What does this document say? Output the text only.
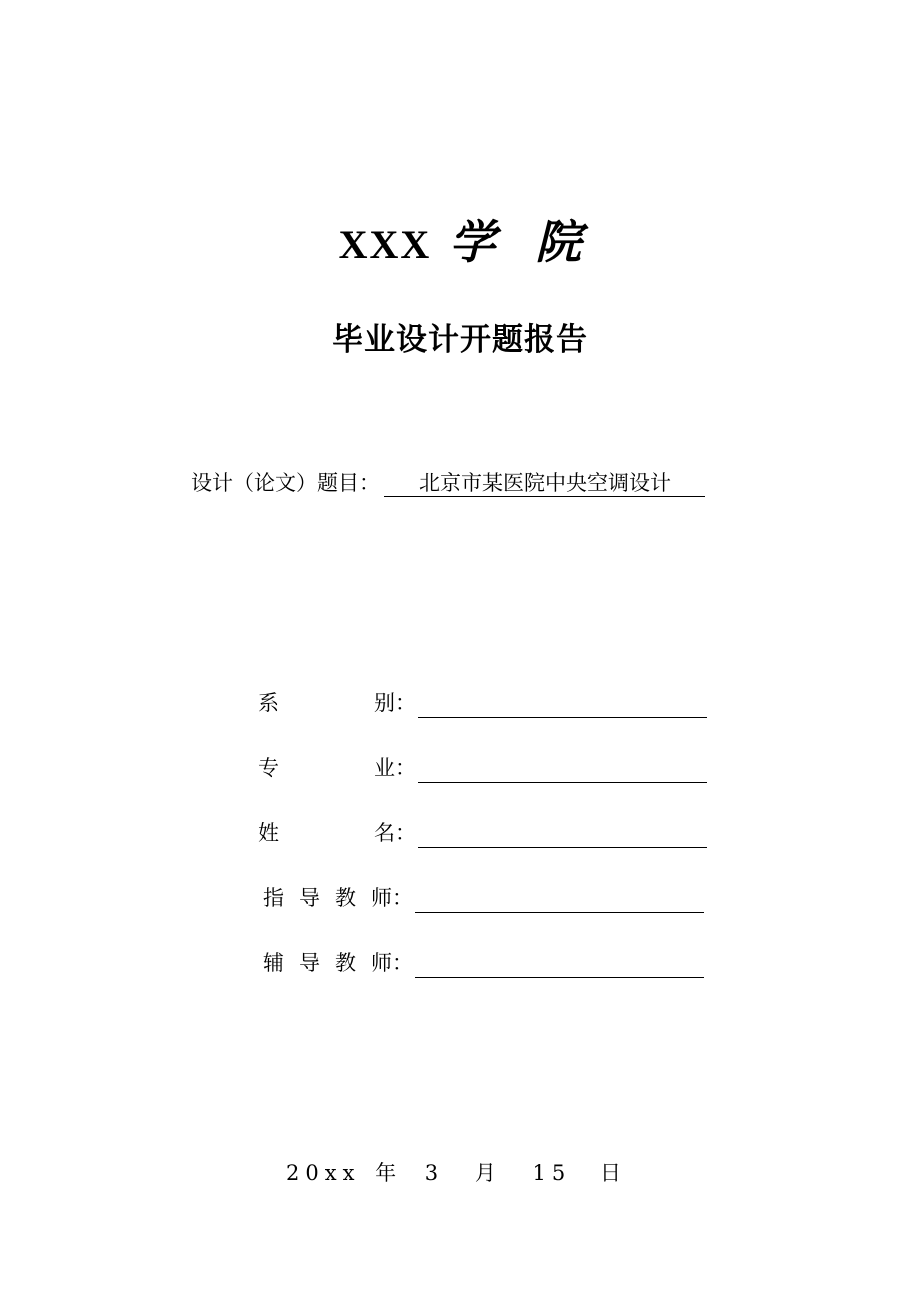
XXX 学 院
毕业设计开题报告
设计（论文）题目： 北京市某医院中央空调设计
系	别：
专	业：
姓	名：
指 导 教 师：
辅 导 教 师：
20xx 年 3 月 15 日
